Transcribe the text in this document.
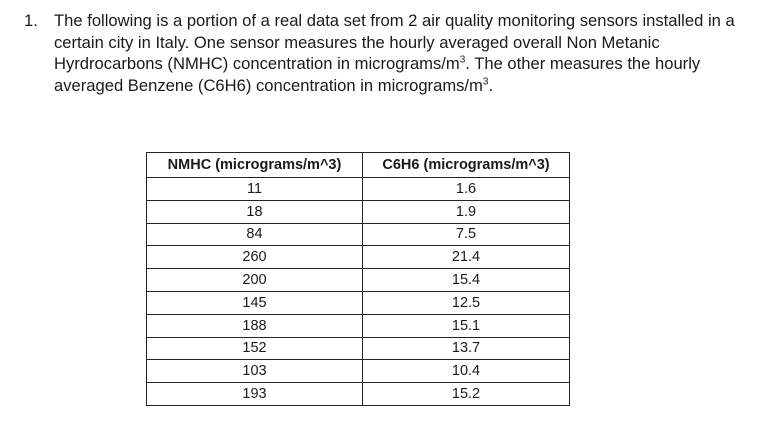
1. The following is a portion of a real data set from 2 air quality monitoring sensors installed in a certain city in Italy. One sensor measures the hourly averaged overall Non Metanic Hyrdrocarbons (NMHC) concentration in micrograms/$m^3$. The other measures the hourly averaged Benzene (C6H6) concentration in micrograms/$m^3$.
NMHC (micrograms/m^3)	C6H6 (micrograms/m^3)
11	1.6
18	1.9
84	7.5
260	21.4
200	15.4
145	12.5
188	15.1
152	13.7
103	10.4
193	15.2
